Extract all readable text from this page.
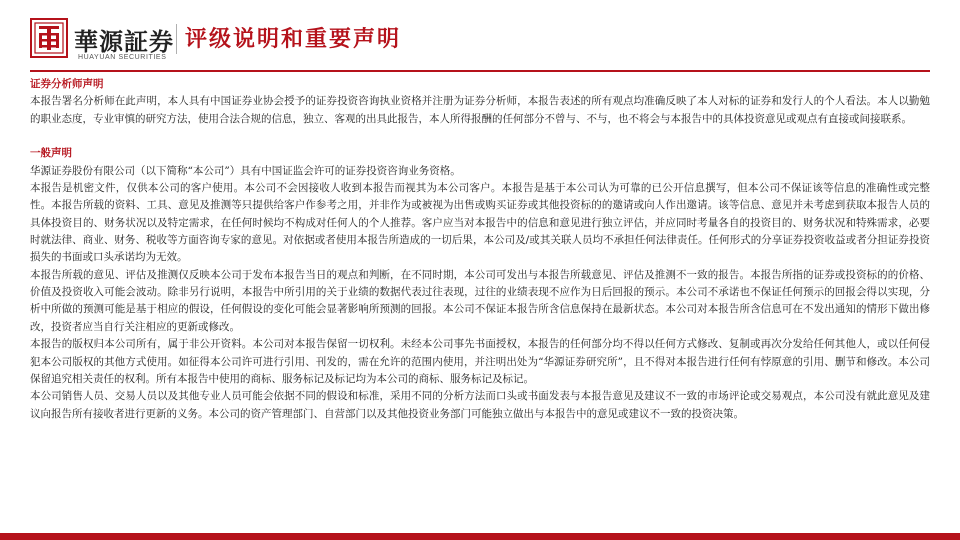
華源証券
HUAYUAN SECURITIES
评级说明和重要声明

证券分析师声明

本报告署名分析师在此声明，本人具有中国证券业协会授予的证券投资咨询执业资格并注册为证券分析师，本报告表述的所有观点均准确反映了本人对标的证券和发行人的个人看法。本人以勤勉的职业态度，专业审慎的研究方法，使用合法合规的信息，独立、客观的出具此报告，本人所得报酬的任何部分不曾与、不与，也不将会与本报告中的具体投资意见或观点有直接或间接联系。

一般声明

华源证券股份有限公司（以下简称“本公司”）具有中国证监会许可的证券投资咨询业务资格。

本报告是机密文件，仅供本公司的客户使用。本公司不会因接收人收到本报告而视其为本公司客户。本报告是基于本公司认为可靠的已公开信息撰写，但本公司不保证该等信息的准确性或完整性。本报告所载的资料、工具、意见及推测等只提供给客户作参考之用，并非作为或被视为出售或购买证券或其他投资标的的邀请或向人作出邀请。该等信息、意见并未考虑到获取本报告人员的具体投资目的、财务状况以及特定需求，在任何时候均不构成对任何人的个人推荐。客户应当对本报告中的信息和意见进行独立评估，并应同时考量各自的投资目的、财务状况和特殊需求，必要时就法律、商业、财务、税收等方面咨询专家的意见。对依据或者使用本报告所造成的一切后果，本公司及/或其关联人员均不承担任何法律责任。任何形式的分享证券投资收益或者分担证券投资损失的书面或口头承诺均为无效。

本报告所载的意见、评估及推测仅反映本公司于发布本报告当日的观点和判断，在不同时期，本公司可发出与本报告所载意见、评估及推测不一致的报告。本报告所指的证券或投资标的的价格、价值及投资收入可能会波动。除非另行说明，本报告中所引用的关于业绩的数据代表过往表现，过往的业绩表现不应作为日后回报的预示。本公司不承诺也不保证任何预示的回报会得以实现，分析中所做的预测可能是基于相应的假设，任何假设的变化可能会显著影响所预测的回报。本公司不保证本报告所含信息保持在最新状态。本公司对本报告所含信息可在不发出通知的情形下做出修改，投资者应当自行关注相应的更新或修改。

本报告的版权归本公司所有，属于非公开资料。本公司对本报告保留一切权利。未经本公司事先书面授权，本报告的任何部分均不得以任何方式修改、复制或再次分发给任何其他人，或以任何侵犯本公司版权的其他方式使用。如征得本公司许可进行引用、刊发的，需在允许的范围内使用，并注明出处为“华源证券研究所”，且不得对本报告进行任何有悖原意的引用、删节和修改。本公司保留追究相关责任的权利。所有本报告中使用的商标、服务标记及标记均为本公司的商标、服务标记及标记。

本公司销售人员、交易人员以及其他专业人员可能会依据不同的假设和标准，采用不同的分析方法而口头或书面发表与本报告意见及建议不一致的市场评论或交易观点，本公司没有就此意见及建议向报告所有接收者进行更新的义务。本公司的资产管理部门、自营部门以及其他投资业务部门可能独立做出与本报告中的意见或建议不一致的投资决策。
